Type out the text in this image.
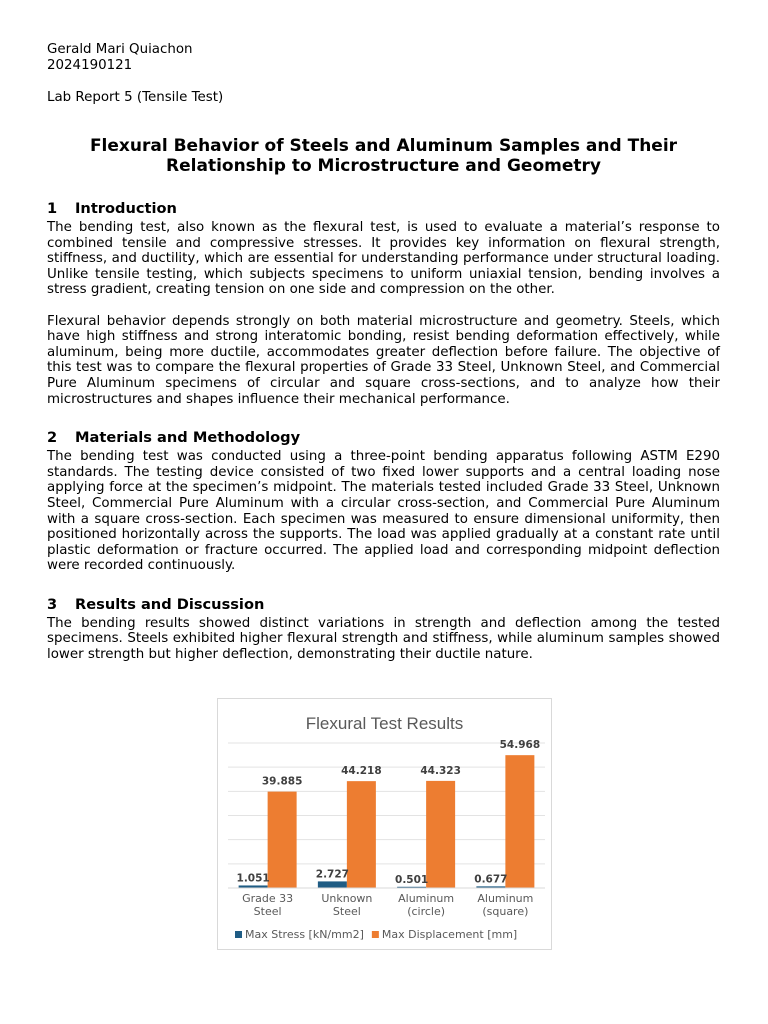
Gerald Mari Quiachon

2024190121

Lab Report 5 (Tensile Test)

Flexural Behavior of Steels and Aluminum Samples and Their
Relationship to Microstructure and Geometry
1 Introduction

The bending test, also known as the flexural test, is used to evaluate a material’s response to combined tensile and compressive stresses. It provides key information on flexural strength, stiffness, and ductility, which are essential for understanding performance under structural loading. Unlike tensile testing, which subjects specimens to uniform uniaxial tension, bending involves a stress gradient, creating tension on one side and compression on the other.

Flexural behavior depends strongly on both material microstructure and geometry. Steels, which have high stiffness and strong interatomic bonding, resist bending deformation effectively, while aluminum, being more ductile, accommodates greater deflection before failure. The objective of this test was to compare the flexural properties of Grade 33 Steel, Unknown Steel, and Commercial Pure Aluminum specimens of circular and square cross-sections, and to analyze how their microstructures and shapes influence their mechanical performance.

2 Materials and Methodology

The bending test was conducted using a three-point bending apparatus following ASTM E290 standards. The testing device consisted of two fixed lower supports and a central loading nose applying force at the specimen’s midpoint. The materials tested included Grade 33 Steel, Unknown Steel, Commercial Pure Aluminum with a circular cross-section, and Commercial Pure Aluminum with a square cross-section. Each specimen was measured to ensure dimensional uniformity, then positioned horizontally across the supports. The load was applied gradually at a constant rate until plastic deformation or fracture occurred. The applied load and corresponding midpoint deflection were recorded continuously.

3 Results and Discussion

The bending results showed distinct variations in strength and deflection among the tested specimens. Steels exhibited higher flexural strength and stiffness, while aluminum samples showed lower strength but higher deflection, demonstrating their ductile nature.

Flexural Test Results
1.051
39.885
2.727
44.218
0.501
44.323
0.677
54.968
Grade 33
Steel
Unknown
Steel
Aluminum
(circle)
Aluminum
(square)
Max Stress [kN/mm2] Max Displacement [mm]
